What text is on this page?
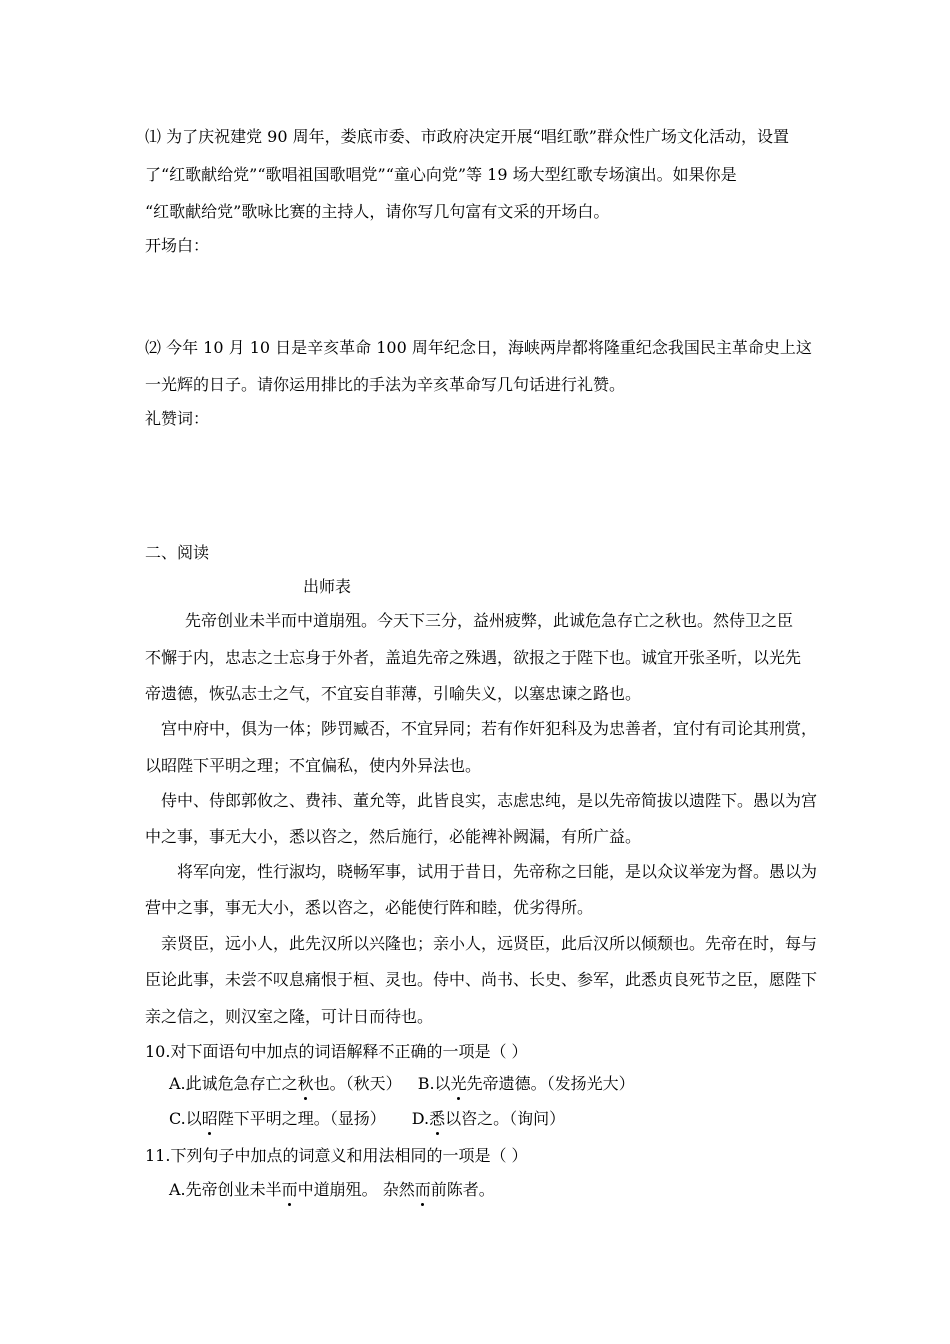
⑴ 为了庆祝建党 90 周年，娄底市委、市政府决定开展“唱红歌”群众性广场文化活动，设置
了“红歌献给党”“歌唱祖国歌唱党”“童心向党”等 19 场大型红歌专场演出。如果你是
“红歌献给党”歌咏比赛的主持人，请你写几句富有文采的开场白。
开场白：
⑵ 今年 10 月 10 日是辛亥革命 100 周年纪念日，海峡两岸都将隆重纪念我国民主革命史上这
一光辉的日子。请你运用排比的手法为辛亥革命写几句话进行礼赞。
礼赞词：
二、阅读
出师表
先帝创业未半而中道崩殂。今天下三分，益州疲弊，此诚危急存亡之秋也。然侍卫之臣
不懈于内，忠志之士忘身于外者，盖追先帝之殊遇，欲报之于陛下也。诚宜开张圣听，以光先
帝遗德，恢弘志士之气，不宜妄自菲薄，引喻失义，以塞忠谏之路也。
宫中府中，俱为一体；陟罚臧否，不宜异同；若有作奸犯科及为忠善者，宜付有司论其刑赏，
以昭陛下平明之理；不宜偏私，使内外异法也。
侍中、侍郎郭攸之、费祎、董允等，此皆良实，志虑忠纯，是以先帝简拔以遗陛下。愚以为宫
中之事，事无大小，悉以咨之，然后施行，必能裨补阙漏，有所广益。
将军向宠，性行淑均，晓畅军事，试用于昔日，先帝称之曰能，是以众议举宠为督。愚以为
营中之事，事无大小，悉以咨之，必能使行阵和睦，优劣得所。
亲贤臣，远小人，此先汉所以兴隆也；亲小人，远贤臣，此后汉所以倾颓也。先帝在时，每与
臣论此事，未尝不叹息痛恨于桓、灵也。侍中、尚书、长史、参军，此悉贞良死节之臣，愿陛下
亲之信之，则汉室之隆，可计日而待也。
10.对下面语句中加点的词语解释不正确的一项是（ ）
A.此诚危急存亡之秋也。（秋天） B.以光先帝遗德。（发扬光大）
C.以昭陛下平明之理。（显扬） D.悉以咨之。（询问）
11.下列句子中加点的词意义和用法相同的一项是（ ）
A.先帝创业未半而中道崩殂。 杂然而前陈者。
